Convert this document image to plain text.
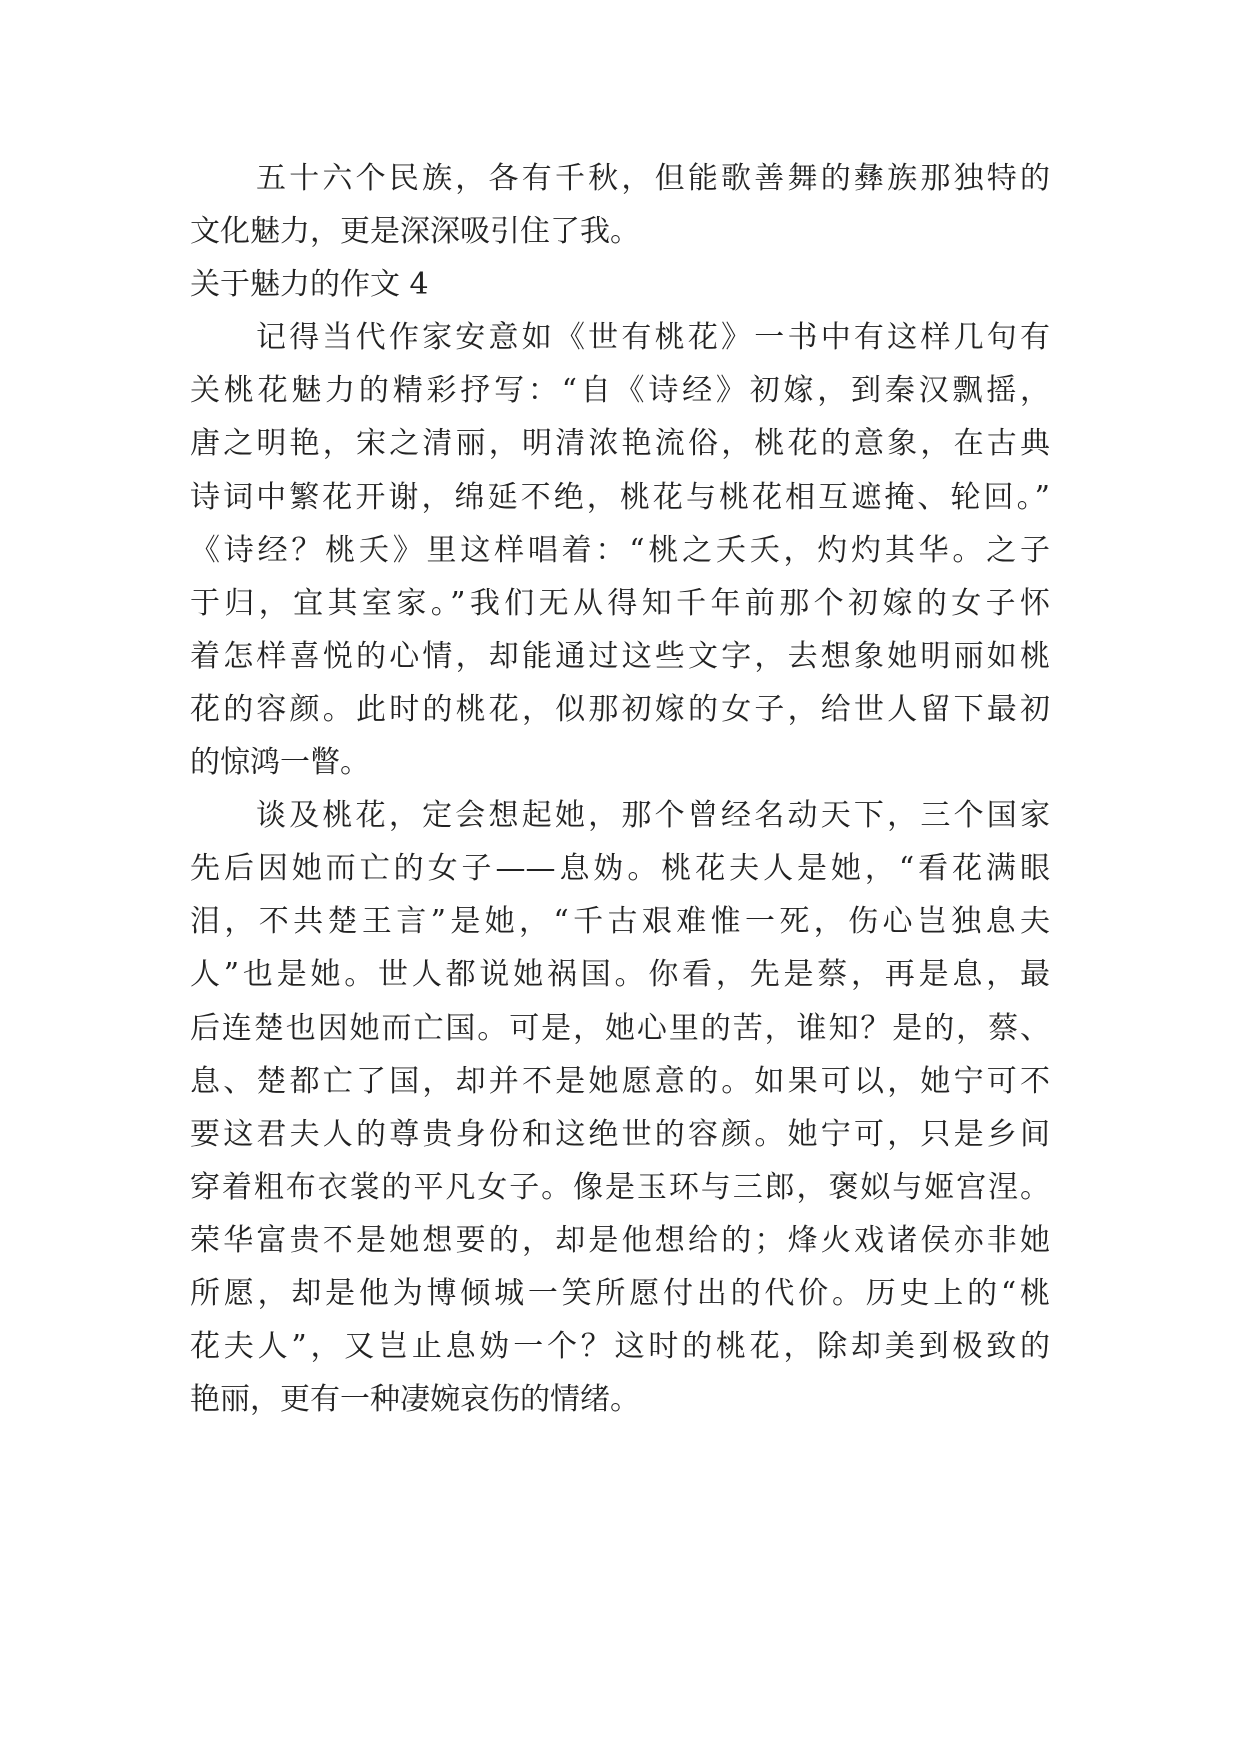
五十六个民族，各有千秋，但能歌善舞的彝族那独特的
文化魅力，更是深深吸引住了我。
关于魅力的作文 4
记得当代作家安意如《世有桃花》一书中有这样几句有
关桃花魅力的精彩抒写：“自《诗经》初嫁，到秦汉飘摇，
唐之明艳，宋之清丽，明清浓艳流俗，桃花的意象，在古典
诗词中繁花开谢，绵延不绝，桃花与桃花相互遮掩、轮回。”
《诗经？桃夭》里这样唱着：“桃之夭夭，灼灼其华。之子
于归，宜其室家。”我们无从得知千年前那个初嫁的女子怀
着怎样喜悦的心情，却能通过这些文字，去想象她明丽如桃
花的容颜。此时的桃花，似那初嫁的女子，给世人留下最初
的惊鸿一瞥。
谈及桃花，定会想起她，那个曾经名动天下，三个国家
先后因她而亡的女子——息妫。桃花夫人是她，“看花满眼
泪，不共楚王言”是她，“千古艰难惟一死，伤心岂独息夫
人”也是她。世人都说她祸国。你看，先是蔡，再是息，最
后连楚也因她而亡国。可是，她心里的苦，谁知？是的，蔡、
息、楚都亡了国，却并不是她愿意的。如果可以，她宁可不
要这君夫人的尊贵身份和这绝世的容颜。她宁可，只是乡间
穿着粗布衣裳的平凡女子。像是玉环与三郎，褒姒与姬宫涅。
荣华富贵不是她想要的，却是他想给的；烽火戏诸侯亦非她
所愿，却是他为博倾城一笑所愿付出的代价。历史上的“桃
花夫人”，又岂止息妫一个？这时的桃花，除却美到极致的
艳丽，更有一种凄婉哀伤的情绪。
